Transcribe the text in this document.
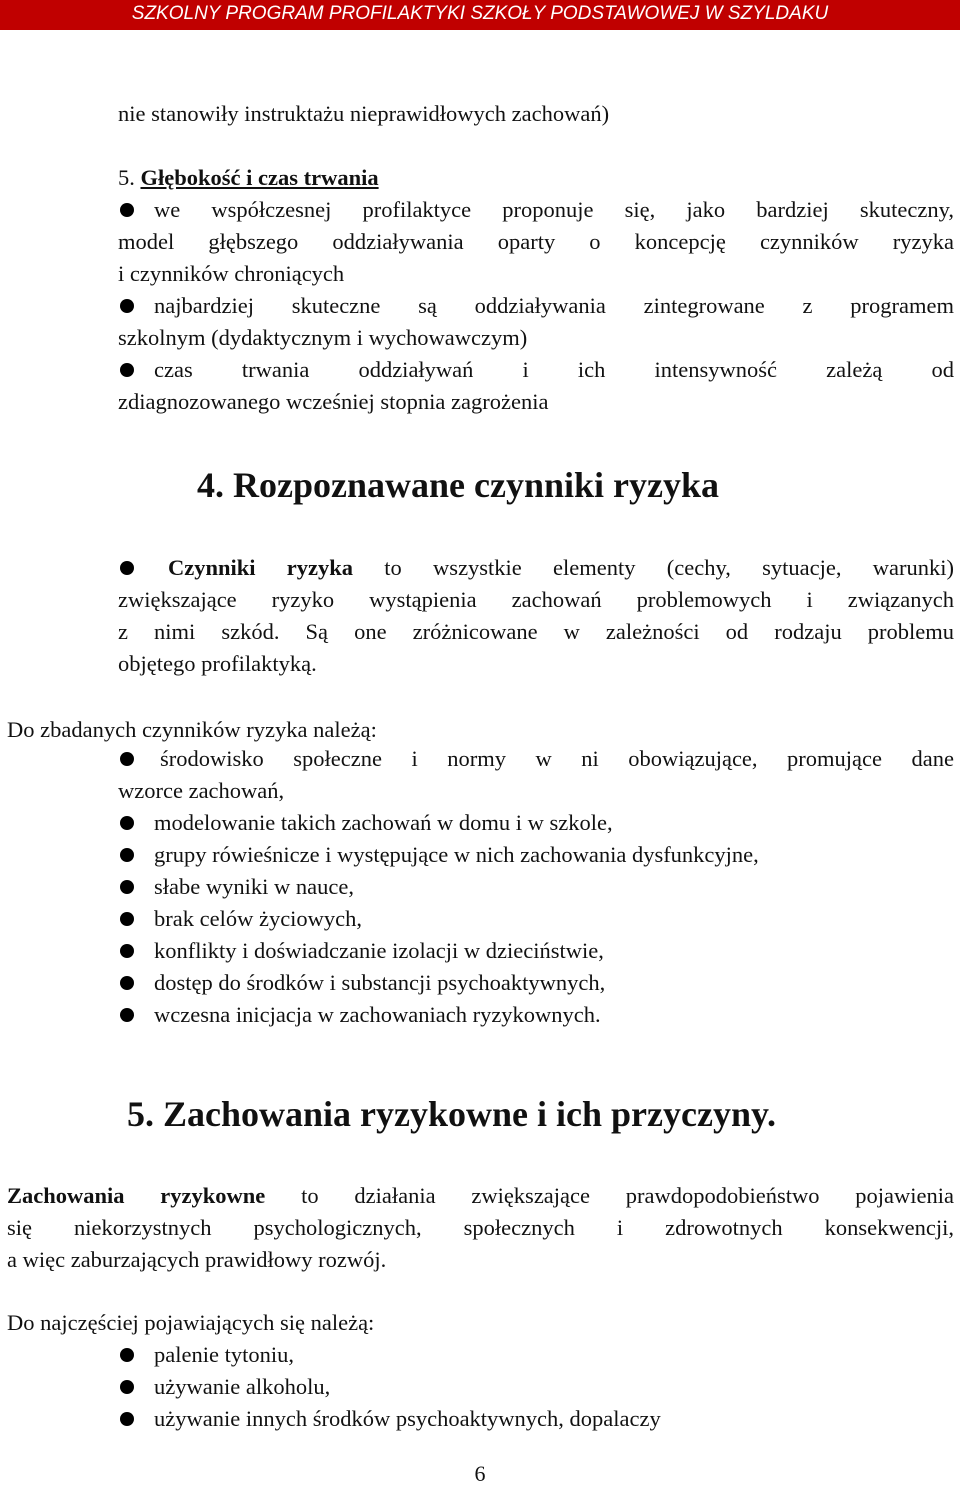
SZKOLNY PROGRAM PROFILAKTYKI SZKOŁY PODSTAWOWEJ W SZYLDAKU

nie stanowiły instruktażu nieprawidłowych zachowań)

5. Głębokość i czas trwania
we współczesnej profilaktyce proponuje się, jako bardziej skuteczny,
model głębszego oddziaływania oparty o koncepcję czynników ryzyka
i czynników chroniących
najbardziej skuteczne są oddziaływania zintegrowane z programem
szkolnym (dydaktycznym i wychowawczym)
czas trwania oddziaływań i ich intensywność zależą od
zdiagnozowanego wcześniej stopnia zagrożenia
4. Rozpoznawane czynniki ryzyka
Czynniki ryzyka to wszystkie elementy (cechy, sytuacje, warunki)
zwiększające ryzyko wystąpienia zachowań problemowych i związanych
z nimi szkód. Są one zróżnicowane w zależności od rodzaju problemu
objętego profilaktyką.

Do zbadanych czynników ryzyka należą:

środowisko społeczne i normy w ni obowiązujące, promujące dane
wzorce zachowań,
modelowanie takich zachowań w domu i w szkole,
grupy rówieśnicze i występujące w nich zachowania dysfunkcyjne,
słabe wyniki w nauce,
brak celów życiowych,
konflikty i doświadczanie izolacji w dzieciństwie,
dostęp do środków i substancji psychoaktywnych,
wczesna inicjacja w zachowaniach ryzykownych.
5. Zachowania ryzykowne i ich przyczyny.
Zachowania ryzykowne to działania zwiększające prawdopodobieństwo pojawienia
się niekorzystnych psychologicznych, społecznych i zdrowotnych konsekwencji,
a więc zaburzających prawidłowy rozwój.

Do najczęściej pojawiających się należą:

palenie tytoniu,
używanie alkoholu,
używanie innych środków psychoaktywnych, dopalaczy
6
